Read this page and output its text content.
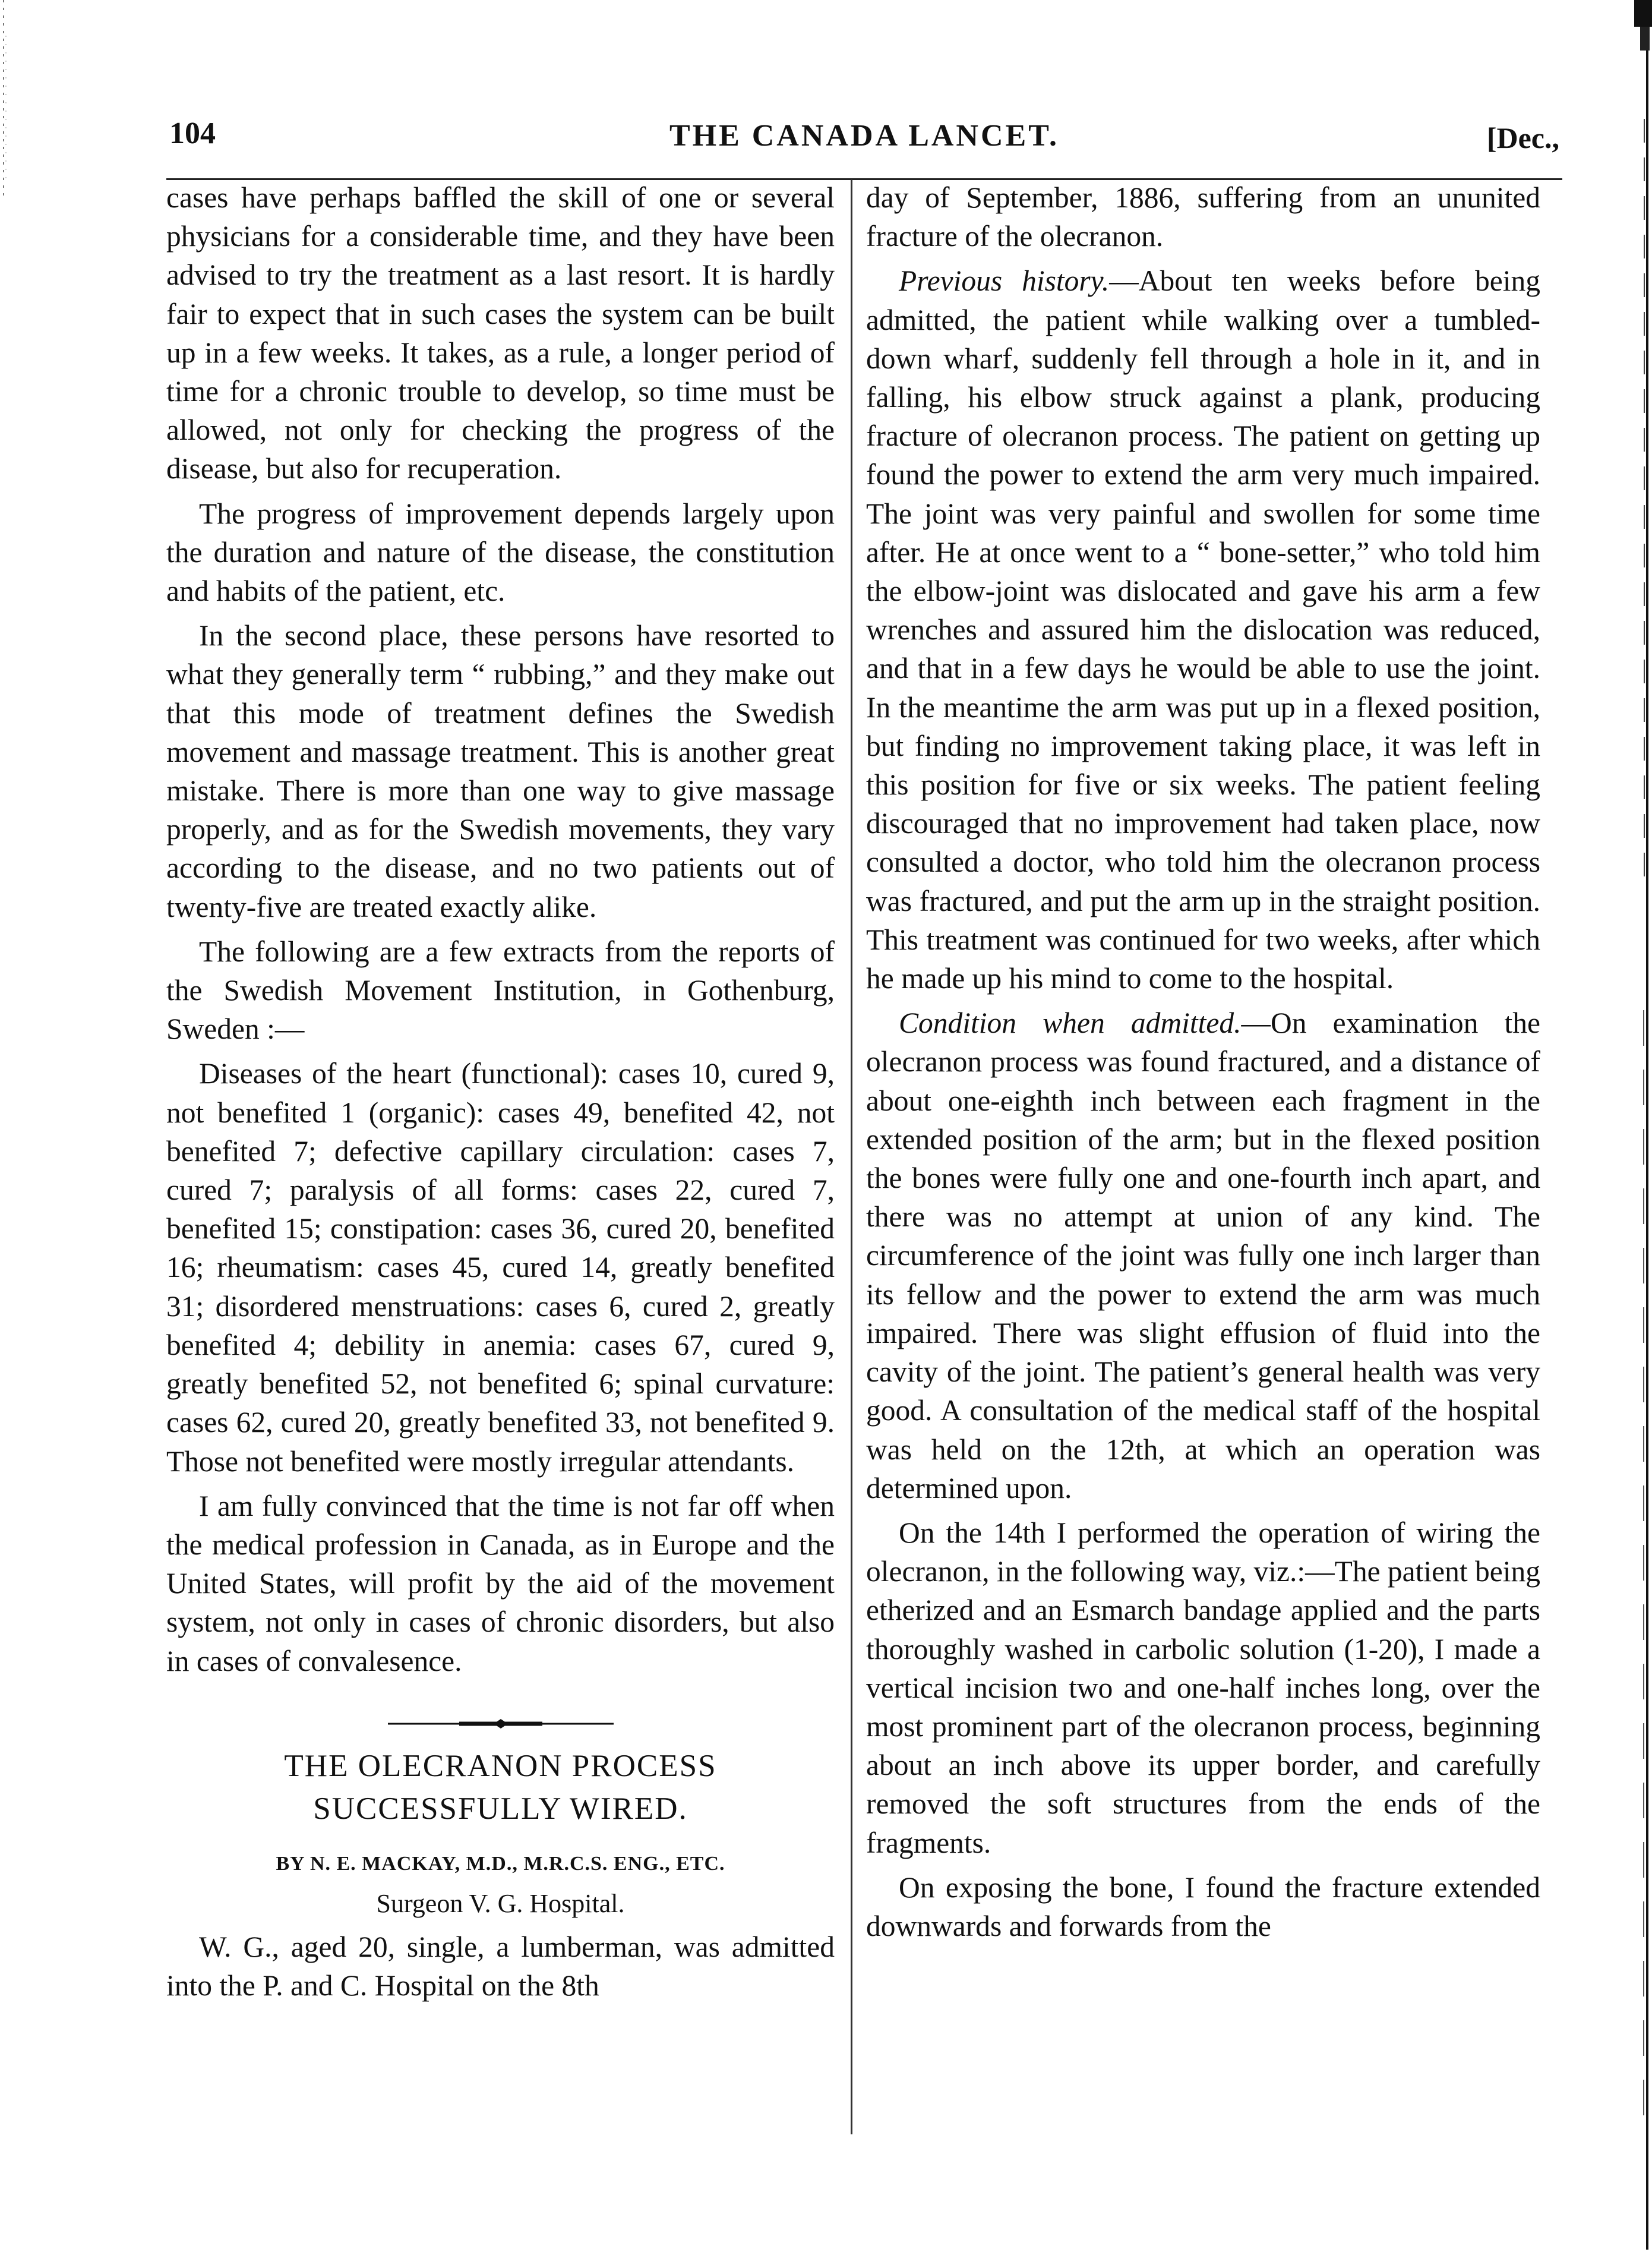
104	THE CANADA LANCET.	[Dec.,

cases have perhaps baffled the skill of one or several physicians for a considerable time, and they have been advised to try the treatment as a last resort. It is hardly fair to expect that in such cases the system can be built up in a few weeks. It takes, as a rule, a longer period of time for a chronic trouble to develop, so time must be allowed, not only for checking the progress of the disease, but also for recuperation.

The progress of improvement depends largely upon the duration and nature of the disease, the constitution and habits of the patient, etc.

In the second place, these persons have resorted to what they generally term “ rubbing,” and they make out that this mode of treatment defines the Swedish movement and massage treatment. This is another great mistake. There is more than one way to give massage properly, and as for the Swedish movements, they vary according to the disease, and no two patients out of twenty-five are treated exactly alike.

The following are a few extracts from the reports of the Swedish Movement Institution, in Gothenburg, Sweden :—

Diseases of the heart (functional): cases 10, cured 9, not benefited 1 (organic): cases 49, benefited 42, not benefited 7; defective capillary circulation: cases 7, cured 7; paralysis of all forms: cases 22, cured 7, benefited 15; constipation: cases 36, cured 20, benefited 16; rheumatism: cases 45, cured 14, greatly benefited 31; disordered menstruations: cases 6, cured 2, greatly benefited 4; debility in anemia: cases 67, cured 9, greatly benefited 52, not benefited 6; spinal curvature: cases 62, cured 20, greatly benefited 33, not benefited 9. Those not benefited were mostly irregular attendants.

I am fully convinced that the time is not far off when the medical profession in Canada, as in Europe and the United States, will profit by the aid of the movement system, not only in cases of chronic disorders, but also in cases of convalesence.

THE OLECRANON PROCESS SUCCESSFULLY WIRED.

BY N. E. MACKAY, M.D., M.R.C.S. ENG., ETC.

Surgeon V. G. Hospital.

W. G., aged 20, single, a lumberman, was admitted into the P. and C. Hospital on the 8th

day of September, 1886, suffering from an ununited fracture of the olecranon.

Previous history.—About ten weeks before being admitted, the patient while walking over a tumbled-down wharf, suddenly fell through a hole in it, and in falling, his elbow struck against a plank, producing fracture of olecranon process. The patient on getting up found the power to extend the arm very much impaired. The joint was very painful and swollen for some time after. He at once went to a “ bone-setter,” who told him the elbow-joint was dislocated and gave his arm a few wrenches and assured him the dislocation was reduced, and that in a few days he would be able to use the joint. In the meantime the arm was put up in a flexed position, but finding no improvement taking place, it was left in this position for five or six weeks. The patient feeling discouraged that no improvement had taken place, now consulted a doctor, who told him the olecranon process was fractured, and put the arm up in the straight position. This treatment was continued for two weeks, after which he made up his mind to come to the hospital.

Condition when admitted.—On examination the olecranon process was found fractured, and a distance of about one-eighth inch between each fragment in the extended position of the arm; but in the flexed position the bones were fully one and one-fourth inch apart, and there was no attempt at union of any kind. The circumference of the joint was fully one inch larger than its fellow and the power to extend the arm was much impaired. There was slight effusion of fluid into the cavity of the joint. The patient’s general health was very good. A consultation of the medical staff of the hospital was held on the 12th, at which an operation was determined upon.

On the 14th I performed the operation of wiring the olecranon, in the following way, viz.:—The patient being etherized and an Esmarch bandage applied and the parts thoroughly washed in carbolic solution (1-20), I made a vertical incision two and one-half inches long, over the most prominent part of the olecranon process, beginning about an inch above its upper border, and carefully removed the soft structures from the ends of the fragments.

On exposing the bone, I found the fracture extended downwards and forwards from the
